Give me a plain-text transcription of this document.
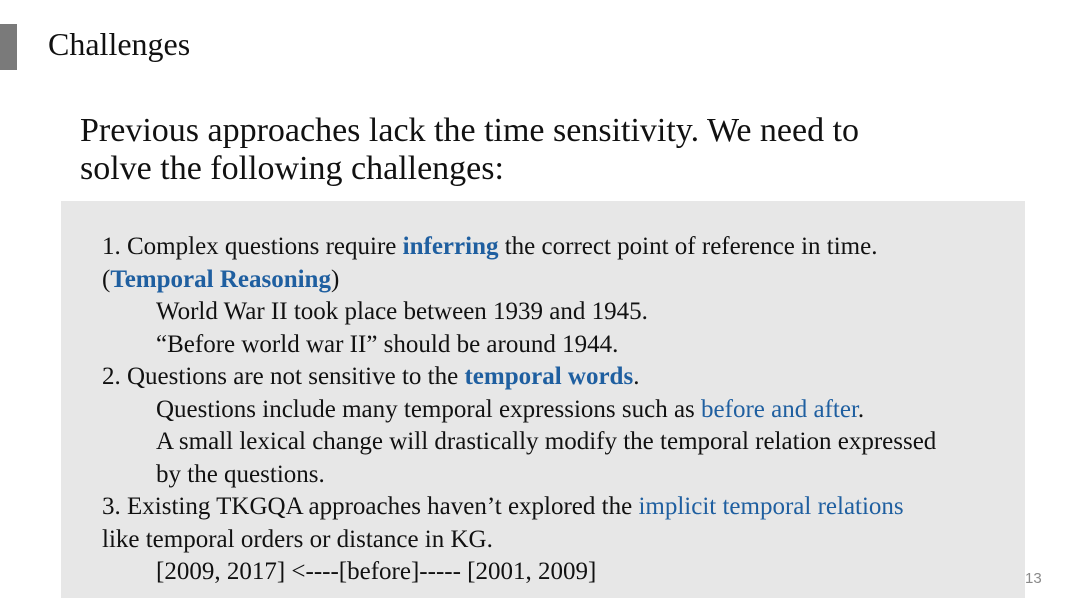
Challenges
Previous approaches lack the time sensitivity. We need to
solve the following challenges:
1. Complex questions require inferring the correct point of reference in time.
(Temporal Reasoning)
World War II took place between 1939 and 1945.
“Before world war II” should be around 1944.
2. Questions are not sensitive to the temporal words.
Questions include many temporal expressions such as before and after.
A small lexical change will drastically modify the temporal relation expressed
by the questions.
3. Existing TKGQA approaches haven’t explored the implicit temporal relations
like temporal orders or distance in KG.
[2009, 2017] <----[before]----- [2001, 2009]	13
